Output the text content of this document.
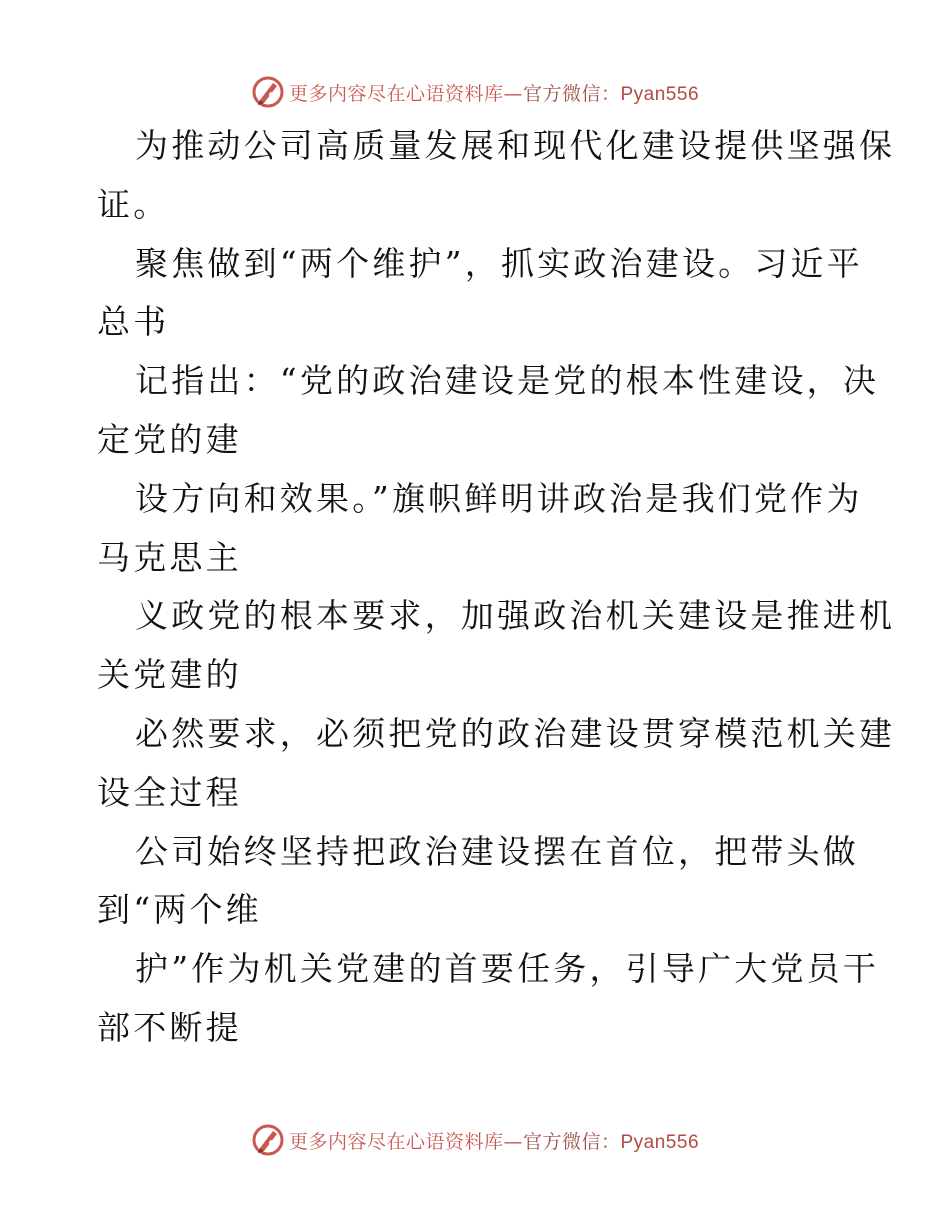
更多内容尽在心语资料库—官方微信：Pyan556
为推动公司高质量发展和现代化建设提供坚强保
证。
聚焦做到“两个维护”，抓实政治建设。习近平
总书
记指出：“党的政治建设是党的根本性建设，决
定党的建
设方向和效果。”旗帜鲜明讲政治是我们党作为
马克思主
义政党的根本要求，加强政治机关建设是推进机
关党建的
必然要求，必须把党的政治建设贯穿模范机关建
设全过程
公司始终坚持把政治建设摆在首位，把带头做
到“两个维
护”作为机关党建的首要任务，引导广大党员干
部不断提
更多内容尽在心语资料库—官方微信：Pyan556
